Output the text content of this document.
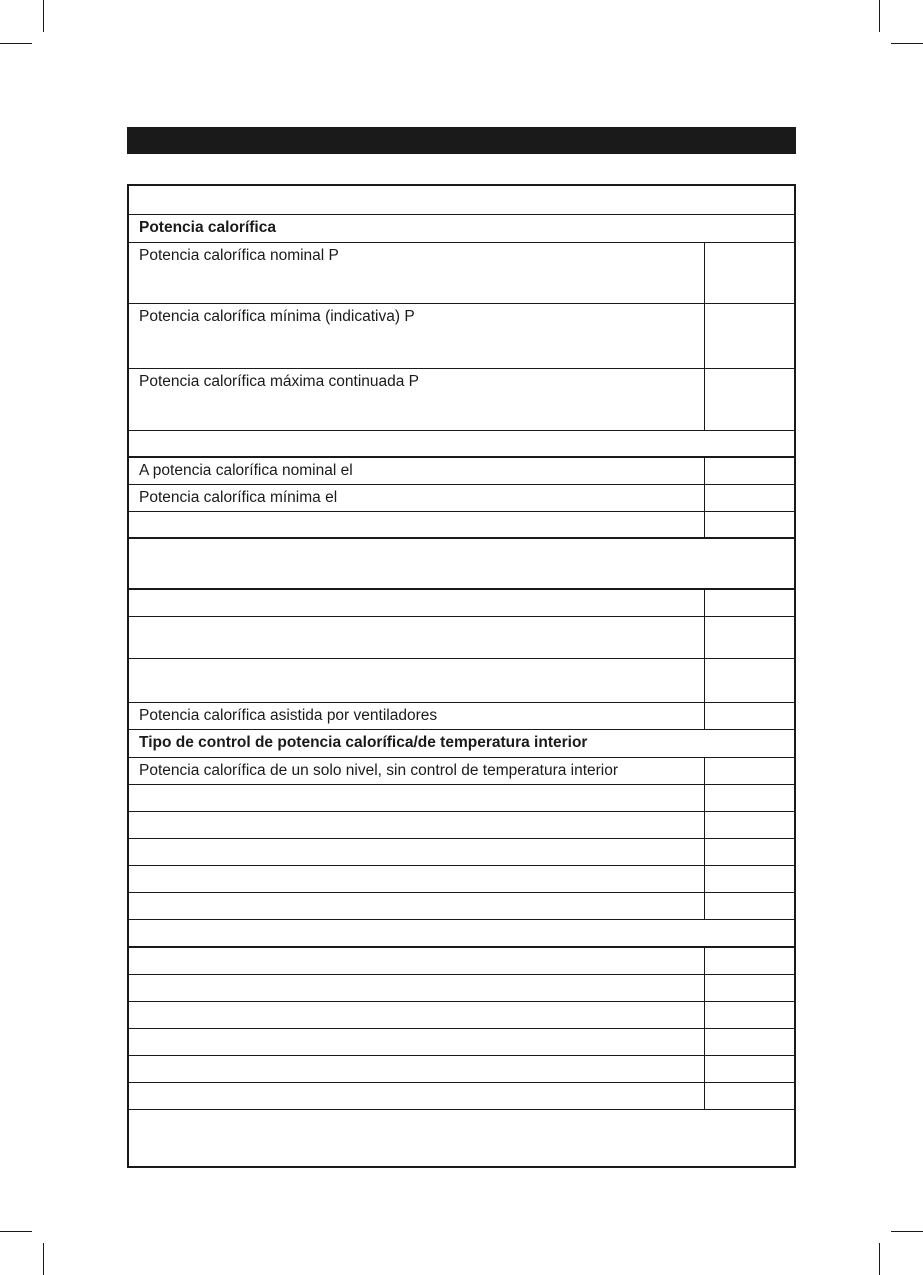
Potencia calorífica
Potencia calorífica nominal P
Potencia calorífica mínima (indicativa) P
Potencia calorífica máxima continuada P
A potencia calorífica nominal el
Potencia calorífica mínima el
Potencia calorífica asistida por ventiladores
Tipo de control de potencia calorífica/de temperatura interior
Potencia calorífica de un solo nivel, sin control de temperatura interior
